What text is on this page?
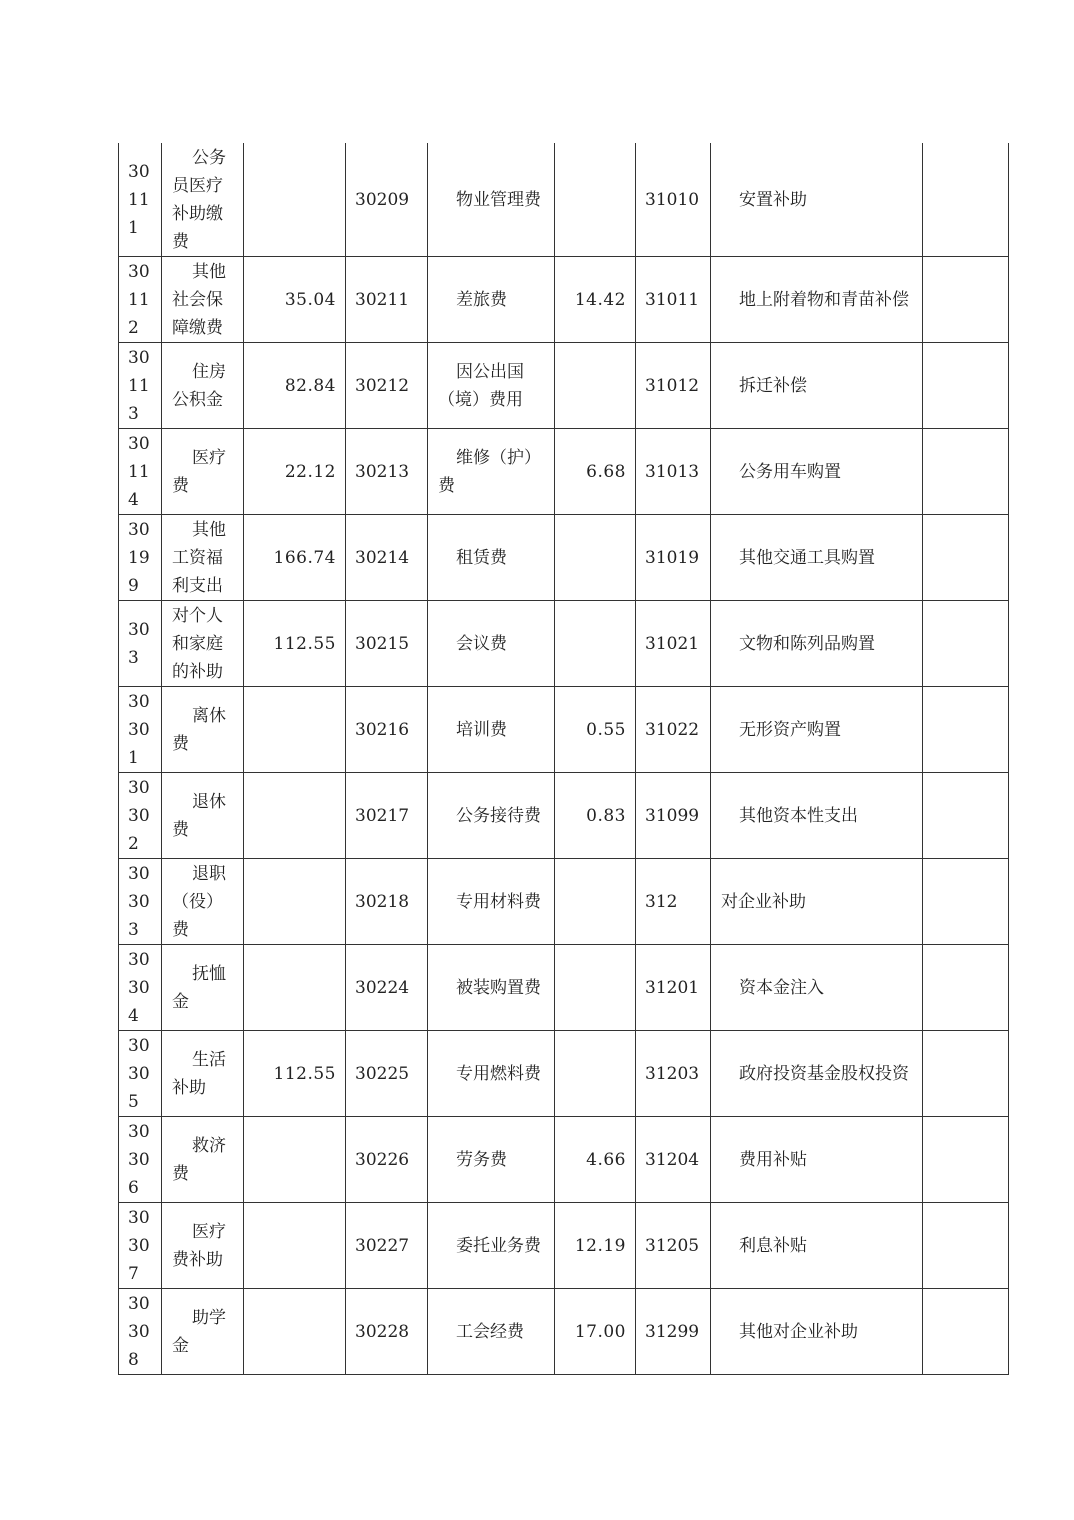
30111	公务员医疗补助缴费		30209	物业管理费		31010	安置补助	
30112	其他社会保障缴费	35.04	30211	差旅费	14.42	31011	地上附着物和青苗补偿	
30113	住房公积金	82.84	30212	因公出国（境）费用		31012	拆迁补偿	
30114	医疗费	22.12	30213	维修（护）费	6.68	31013	公务用车购置	
30199	其他工资福利支出	166.74	30214	租赁费		31019	其他交通工具购置	
303	对个人和家庭的补助	112.55	30215	会议费		31021	文物和陈列品购置	
30301	离休费		30216	培训费	0.55	31022	无形资产购置	
30302	退休费		30217	公务接待费	0.83	31099	其他资本性支出	
30303	退职（役）费		30218	专用材料费		312	对企业补助	
30304	抚恤金		30224	被装购置费		31201	资本金注入	
30305	生活补助	112.55	30225	专用燃料费		31203	政府投资基金股权投资	
30306	救济费		30226	劳务费	4.66	31204	费用补贴	
30307	医疗费补助		30227	委托业务费	12.19	31205	利息补贴	
30308	助学金		30228	工会经费	17.00	31299	其他对企业补助	
